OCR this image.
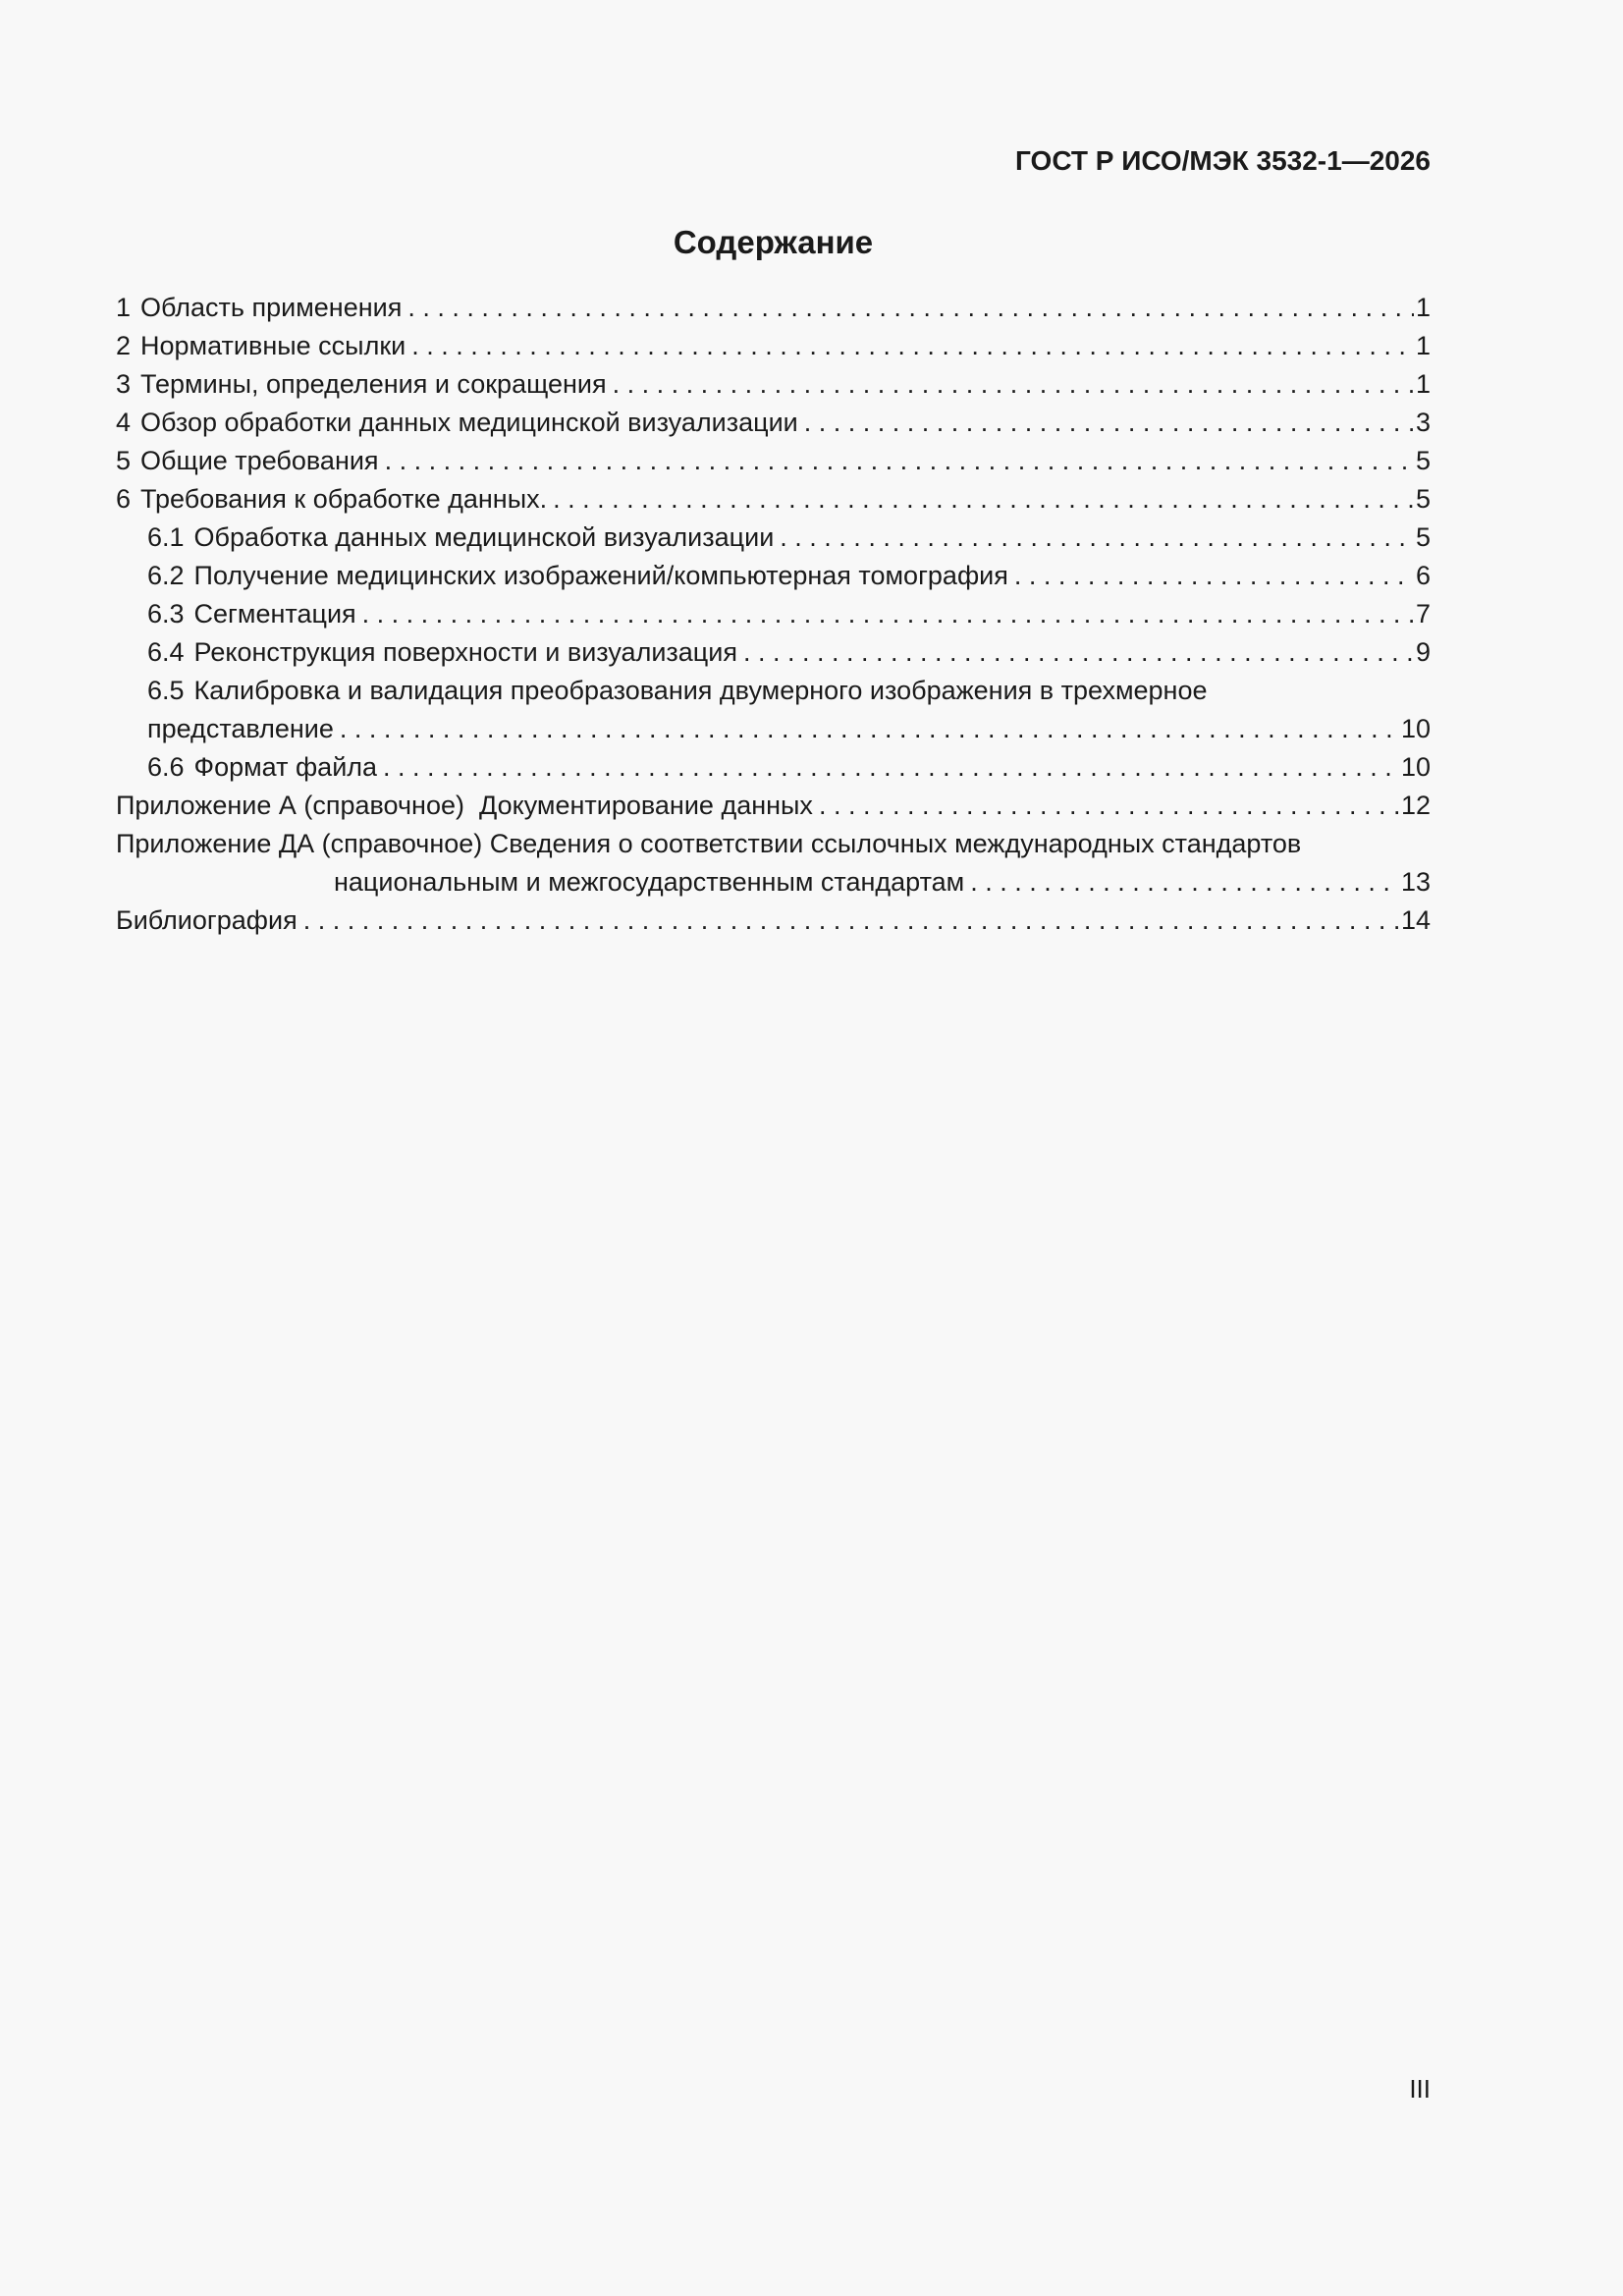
ГОСТ Р ИСО/МЭК 3532-1—2026
Содержание
1 Область применения . . .	1
2 Нормативные ссылки . . .	1
3 Термины, определения и сокращения . . .	1
4 Обзор обработки данных медицинской визуализации . . .	3
5 Общие требования . . .	5
6 Требования к обработке данных. . . .	5
6.1 Обработка данных медицинской визуализации . . .	5
6.2 Получение медицинских изображений/компьютерная томография . . .	6
6.3 Сегментация . . .	7
6.4 Реконструкция поверхности и визуализация . . .	9
6.5 Калибровка и валидация преобразования двумерного изображения в трехмерное
представление . . .	10
6.6 Формат файла . . .	10
Приложение А (справочное)  Документирование данных . . .	12
Приложение ДА (справочное) Сведения о соответствии ссылочных международных стандартов
национальным и межгосударственным стандартам . . .	13
Библиография . . .	14
III
